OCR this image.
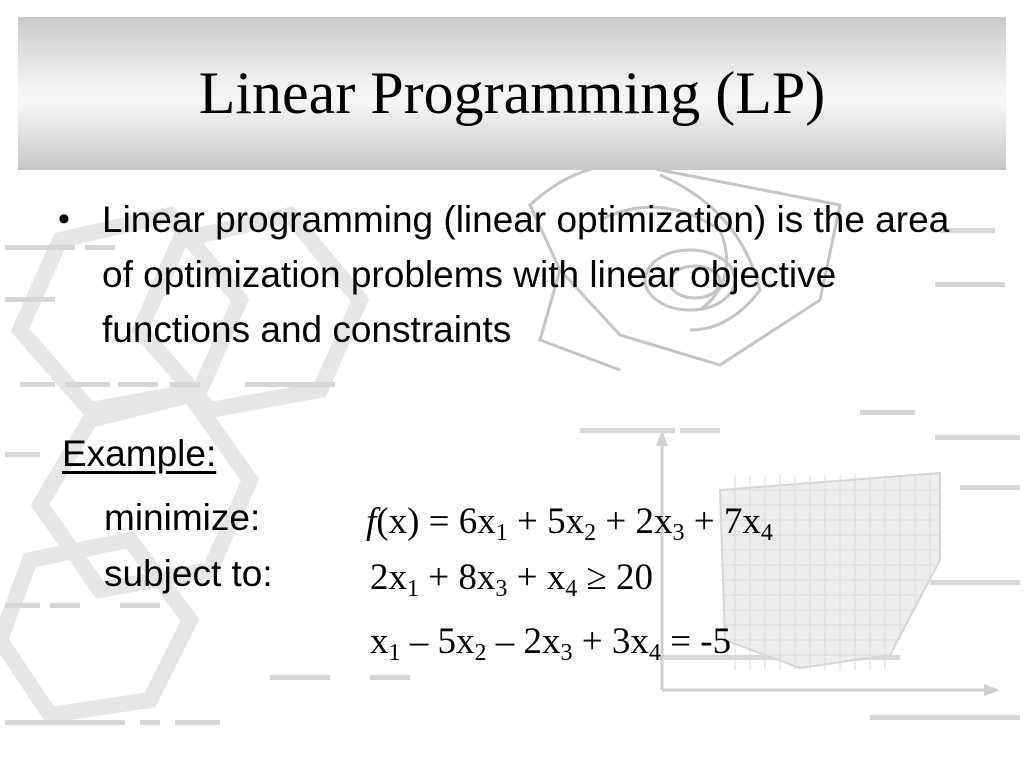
Linear Programming (LP)
• Linear programming (linear optimization) is the area of optimization problems with linear objective functions and constraints
Example:
minimize:
subject to:
$f(x) = 6x_1 + 5x_2 + 2x_3 + 7x_4$
$2x_1 + 8x_3 + x_4 \ge 20$
$x_1 - 5x_2 - 2x_3 + 3x_4 = -5$
